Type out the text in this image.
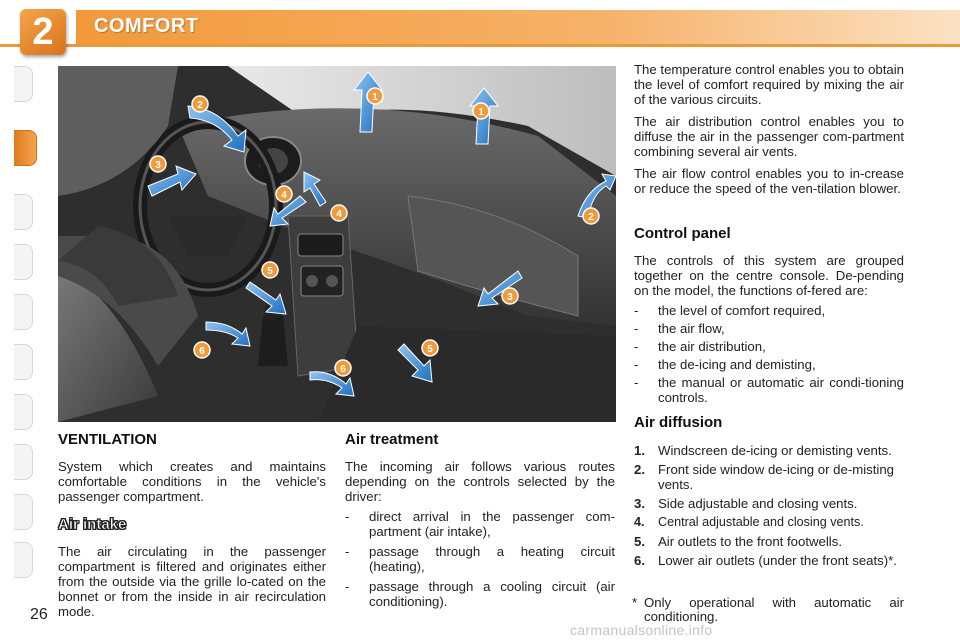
2	COMFORT
1
1
2
2
3
3
4
4
5
5
6
6
VENTILATION

System which creates and maintains comfortable conditions in the vehicle's passenger compartment.

Air intake

The air circulating in the passenger compartment is filtered and originates either from the outside via the grille lo-cated on the bonnet or from the inside in air recirculation mode.

Air treatment

The incoming air follows various routes depending on the controls selected by the driver:

- direct arrival in the passenger com-partment (air intake),
- passage through a heating circuit (heating),
- passage through a cooling circuit (air conditioning).

The temperature control enables you to obtain the level of comfort required by mixing the air of the various circuits.

The air distribution control enables you to diffuse the air in the passenger com-partment combining several air vents.

The air flow control enables you to in-crease or reduce the speed of the ven-tilation blower.

Control panel

The controls of this system are grouped together on the centre console. De-pending on the model, the functions of-fered are:

- the level of comfort required,
- the air flow,
- the air distribution,
- the de-icing and demisting,
- the manual or automatic air condi-tioning controls.
Air diffusion
1. Windscreen de-icing or demisting vents.
2. Front side window de-icing or de-misting vents.
3. Side adjustable and closing vents.
4. Central adjustable and closing vents.
5. Air outlets to the front footwells.
6. Lower air outlets (under the front seats)*.
* Only operational with automatic air conditioning.
26
carmanualsonline.info
